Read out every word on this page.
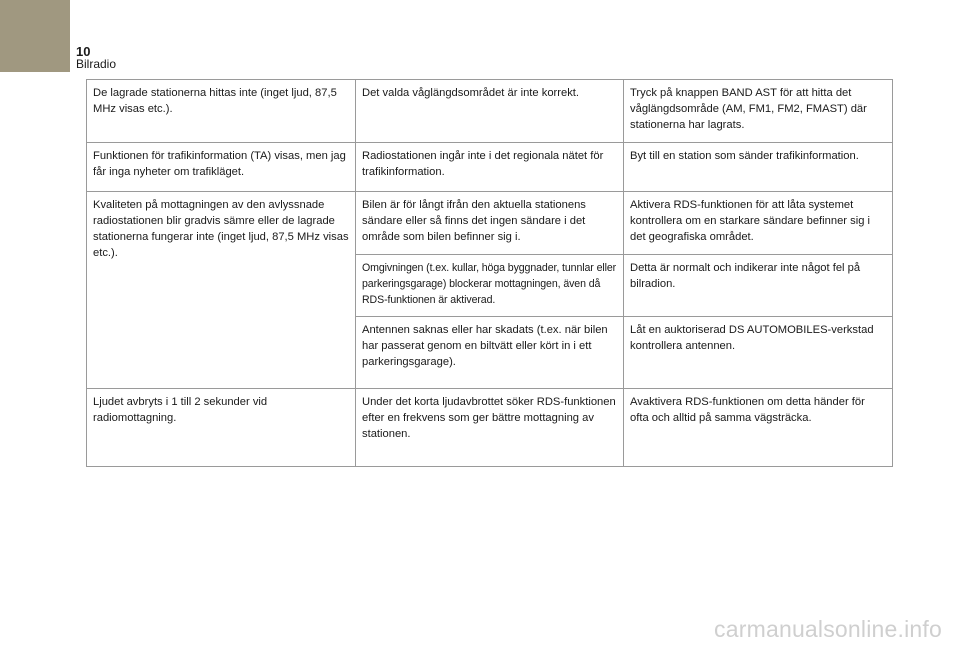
10
Bilradio
De lagrade stationerna hittas inte (inget ljud, 87,5 MHz visas etc.).	Det valda våglängdsområdet är inte korrekt.	Tryck på knappen BAND AST för att hitta det våglängdsområde (AM, FM1, FM2, FMAST) där stationerna har lagrats.
Funktionen för trafikinformation (TA) visas, men jag får inga nyheter om trafikläget.	Radiostationen ingår inte i det regionala nätet för trafikinformation.	Byt till en station som sänder trafikinformation.
Kvaliteten på mottagningen av den avlyssnade radiostationen blir gradvis sämre eller de lagrade stationerna fungerar inte (inget ljud, 87,5 MHz visas etc.).	Bilen är för långt ifrån den aktuella stationens sändare eller så finns det ingen sändare i det område som bilen befinner sig i.	Aktivera RDS-funktionen för att låta systemet kontrollera om en starkare sändare befinner sig i det geografiska området.
	Omgivningen (t.ex. kullar, höga byggnader, tunnlar eller parkeringsgarage) blockerar mottagningen, även då RDS-funktionen är aktiverad.	Detta är normalt och indikerar inte något fel på bilradion.
	Antennen saknas eller har skadats (t.ex. när bilen har passerat genom en biltvätt eller kört in i ett parkeringsgarage).	Låt en auktoriserad DS AUTOMOBILES-verkstad kontrollera antennen.
Ljudet avbryts i 1 till 2 sekunder vid radiomottagning.	Under det korta ljudavbrottet söker RDS-funktionen efter en frekvens som ger bättre mottagning av stationen.	Avaktivera RDS-funktionen om detta händer för ofta och alltid på samma vägsträcka.
carmanualsonline.info
